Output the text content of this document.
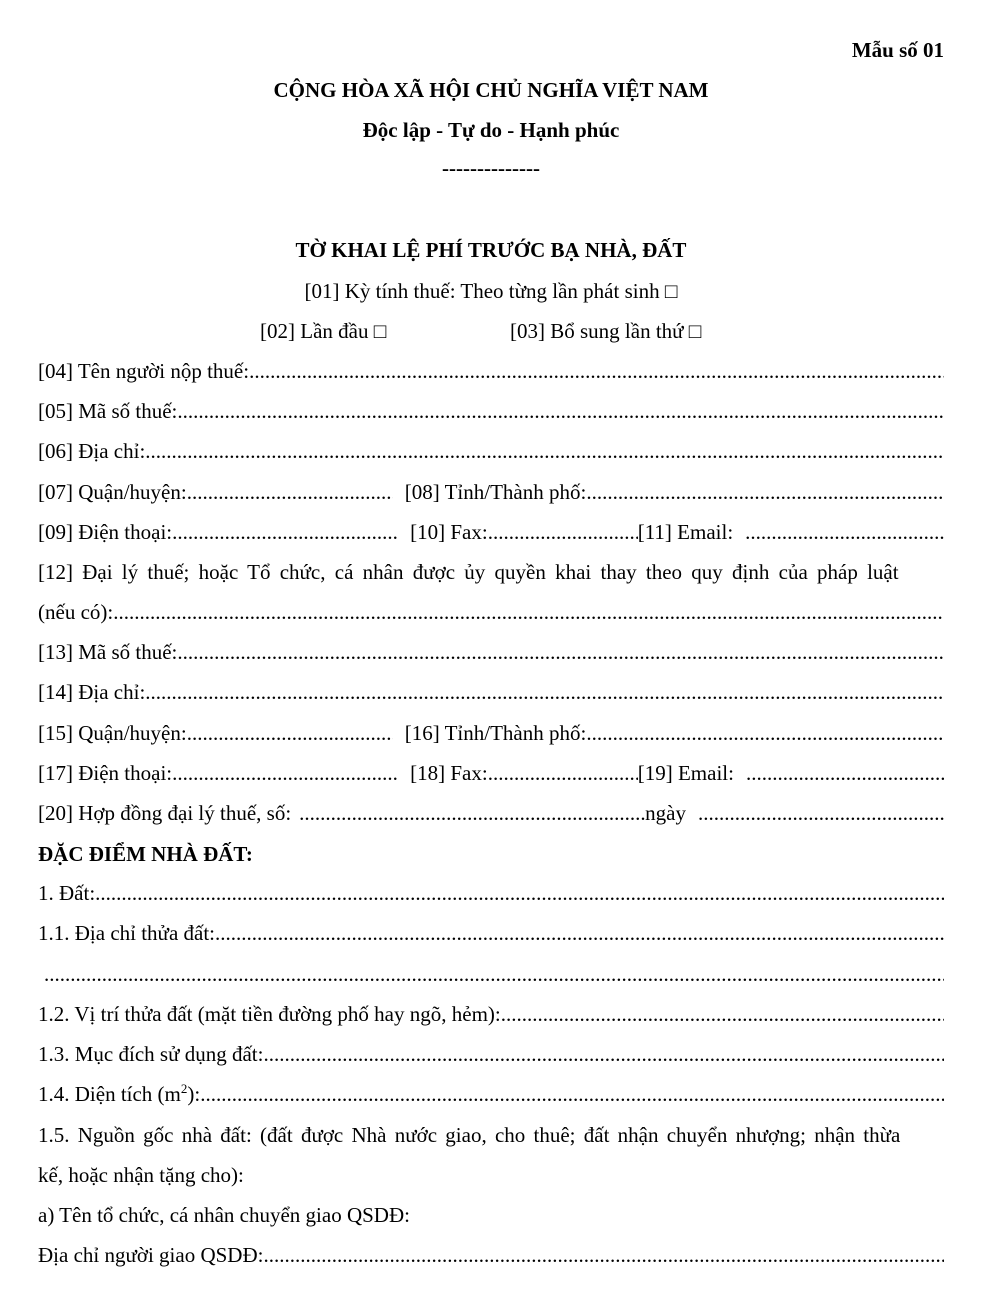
Mẫu số 01
CỘNG HÒA XÃ HỘI CHỦ NGHĨA VIỆT NAM
Độc lập - Tự do - Hạnh phúc
--------------
TỜ KHAI LỆ PHÍ TRƯỚC BẠ NHÀ, ĐẤT
[01] Kỳ tính thuế: Theo từng lần phát sinh □
[02] Lần đầu □	[03] Bổ sung lần thứ □
[04] Tên người nộp thuế:
.....
[05] Mã số thuế:
.....
[06] Địa chỉ:
.....
[07] Quận/huyện: .....	[08] Tỉnh/Thành phố:
.....
[09] Điện thoại: .....	[10] Fax: .....	[11] Email:
.....
[12] Đại lý thuế; hoặc Tổ chức, cá nhân được ủy quyền khai thay theo quy định của pháp luật
(nếu có):
.....
[13] Mã số thuế:
.....
[14] Địa chỉ:
.....
[15] Quận/huyện: .....	[16] Tỉnh/Thành phố:
.....
[17] Điện thoại: .....	[18] Fax: .....	[19] Email:
.....
[20] Hợp đồng đại lý thuế, số: .....	ngày
.....
ĐẶC ĐIỂM NHÀ ĐẤT:
1. Đất:
.....
1.1. Địa chỉ thửa đất:
.....
.....
1.2. Vị trí thửa đất (mặt tiền đường phố hay ngõ, hẻm):
.....
1.3. Mục đích sử dụng đất:
.....
1.4. Diện tích $(m^2)$:
.....
1.5. Nguồn gốc nhà đất: (đất được Nhà nước giao, cho thuê; đất nhận chuyển nhượng; nhận thừa
kế, hoặc nhận tặng cho):
a) Tên tổ chức, cá nhân chuyển giao QSDĐ:
Địa chỉ người giao QSDĐ:
.....
